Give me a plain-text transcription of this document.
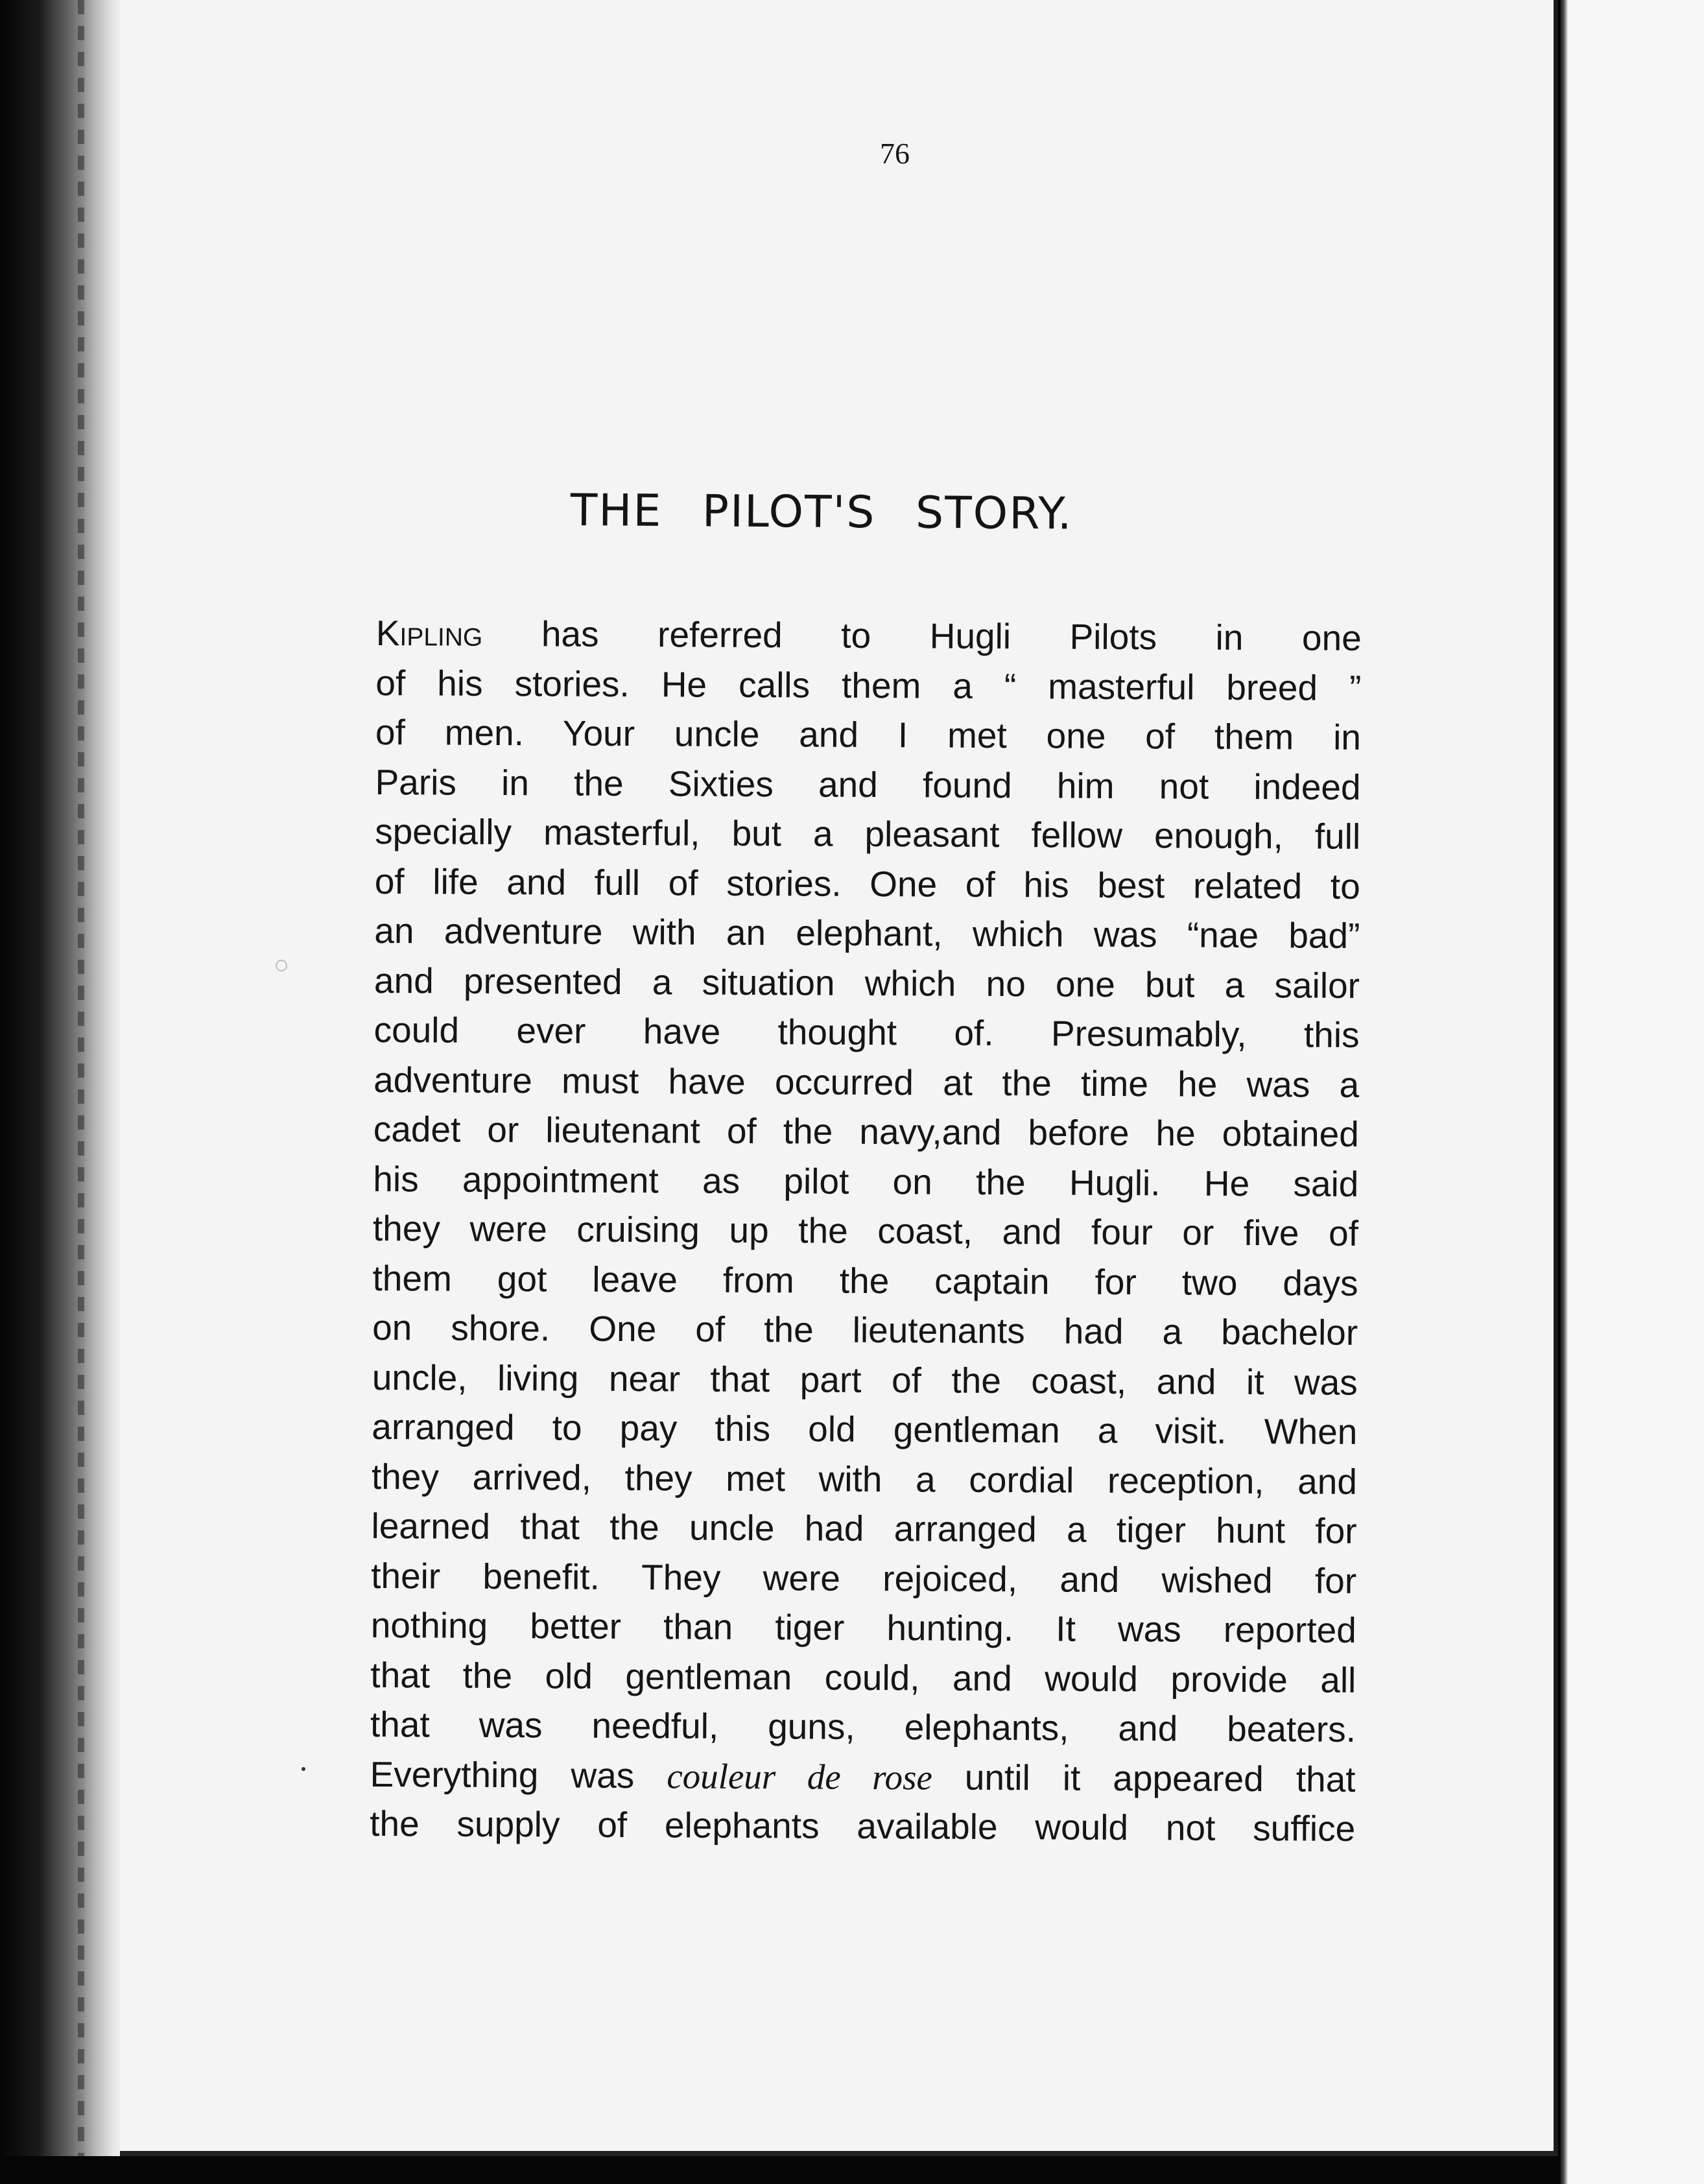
76
THE PILOT'S STORY.
Kipling has referred to Hugli Pilots in one
of his stories. He calls them a “ masterful breed ”
of men. Your uncle and I met one of them in
Paris in the Sixties and found him not indeed
specially masterful, but a pleasant fellow enough, full
of life and full of stories. One of his best related to
an adventure with an elephant, which was “nae bad”
and presented a situation which no one but a sailor
could ever have thought of. Presumably, this
adventure must have occurred at the time he was a
cadet or lieutenant of the navy,and before he obtained
his appointment as pilot on the Hugli. He said
they were cruising up the coast, and four or five of
them got leave from the captain for two days
on shore. One of the lieutenants had a bachelor
uncle, living near that part of the coast, and it was
arranged to pay this old gentleman a visit. When
they arrived, they met with a cordial reception, and
learned that the uncle had arranged a tiger hunt for
their benefit. They were rejoiced, and wished for
nothing better than tiger hunting. It was reported
that the old gentleman could, and would provide all
that was needful, guns, elephants, and beaters.
Everything was couleur de rose until it appeared that
the supply of elephants available would not suffice
